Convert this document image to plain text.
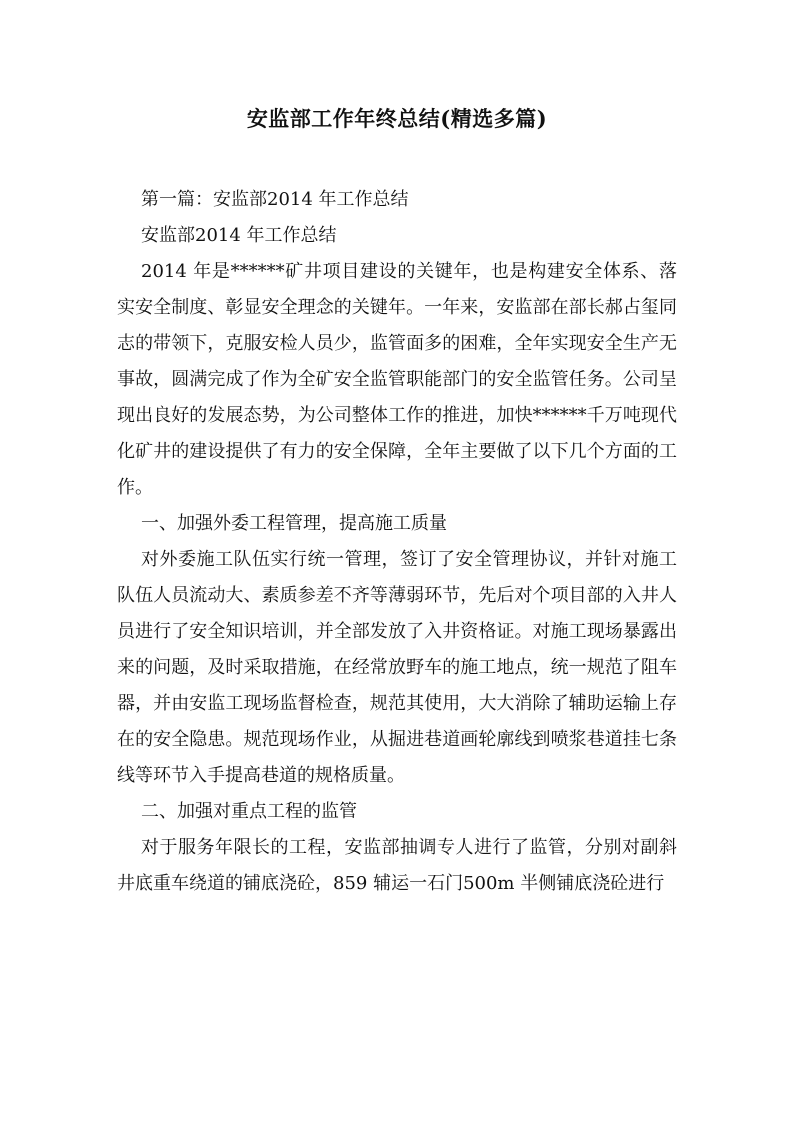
安监部工作年终总结(精选多篇)

第一篇：安监部2014 年工作总结

安监部2014 年工作总结

2014 年是******矿井项目建设的关键年，也是构建安全体系、落实安全制度、彰显安全理念的关键年。一年来，安监部在部长郝占玺同志的带领下，克服安检人员少，监管面多的困难，全年实现安全生产无事故，圆满完成了作为全矿安全监管职能部门的安全监管任务。公司呈现出良好的发展态势，为公司整体工作的推进，加快******千万吨现代化矿井的建设提供了有力的安全保障，全年主要做了以下几个方面的工作。

一、加强外委工程管理，提高施工质量

对外委施工队伍实行统一管理，签订了安全管理协议，并针对施工队伍人员流动大、素质参差不齐等薄弱环节，先后对个项目部的入井人员进行了安全知识培训，并全部发放了入井资格证。对施工现场暴露出来的问题，及时采取措施，在经常放野车的施工地点，统一规范了阻车器，并由安监工现场监督检查，规范其使用，大大消除了辅助运输上存在的安全隐患。规范现场作业，从掘进巷道画轮廓线到喷浆巷道挂七条线等环节入手提高巷道的规格质量。

二、加强对重点工程的监管

对于服务年限长的工程，安监部抽调专人进行了监管，分别对副斜井底重车绕道的铺底浇砼，859 辅运一石门500m 半侧铺底浇砼进行
